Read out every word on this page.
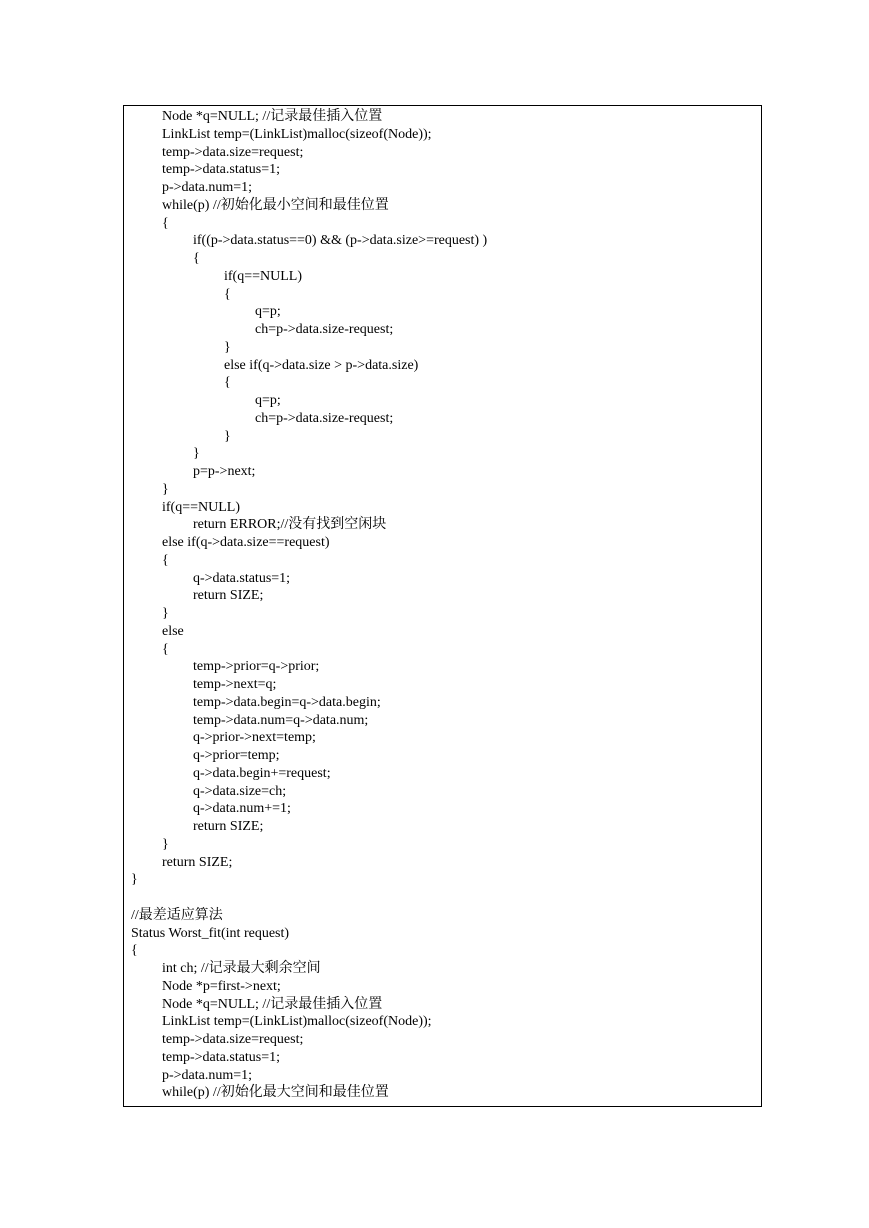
Node *q=NULL; //记录最佳插入位置
LinkList temp=(LinkList)malloc(sizeof(Node));
temp->data.size=request;
temp->data.status=1;
p->data.num=1;
while(p) //初始化最小空间和最佳位置
{
if((p->data.status==0) && (p->data.size>=request) )
{
if(q==NULL)
{
q=p;
ch=p->data.size-request;
}
else if(q->data.size > p->data.size)
{
q=p;
ch=p->data.size-request;
}
}
p=p->next;
}
if(q==NULL)
return ERROR;//没有找到空闲块
else if(q->data.size==request)
{
q->data.status=1;
return SIZE;
}
else
{
temp->prior=q->prior;
temp->next=q;
temp->data.begin=q->data.begin;
temp->data.num=q->data.num;
q->prior->next=temp;
q->prior=temp;
q->data.begin+=request;
q->data.size=ch;
q->data.num+=1;
return SIZE;
}
return SIZE;
}
//最差适应算法
Status Worst_fit(int request)
{
int ch; //记录最大剩余空间
Node *p=first->next;
Node *q=NULL; //记录最佳插入位置
LinkList temp=(LinkList)malloc(sizeof(Node));
temp->data.size=request;
temp->data.status=1;
p->data.num=1;
while(p) //初始化最大空间和最佳位置
